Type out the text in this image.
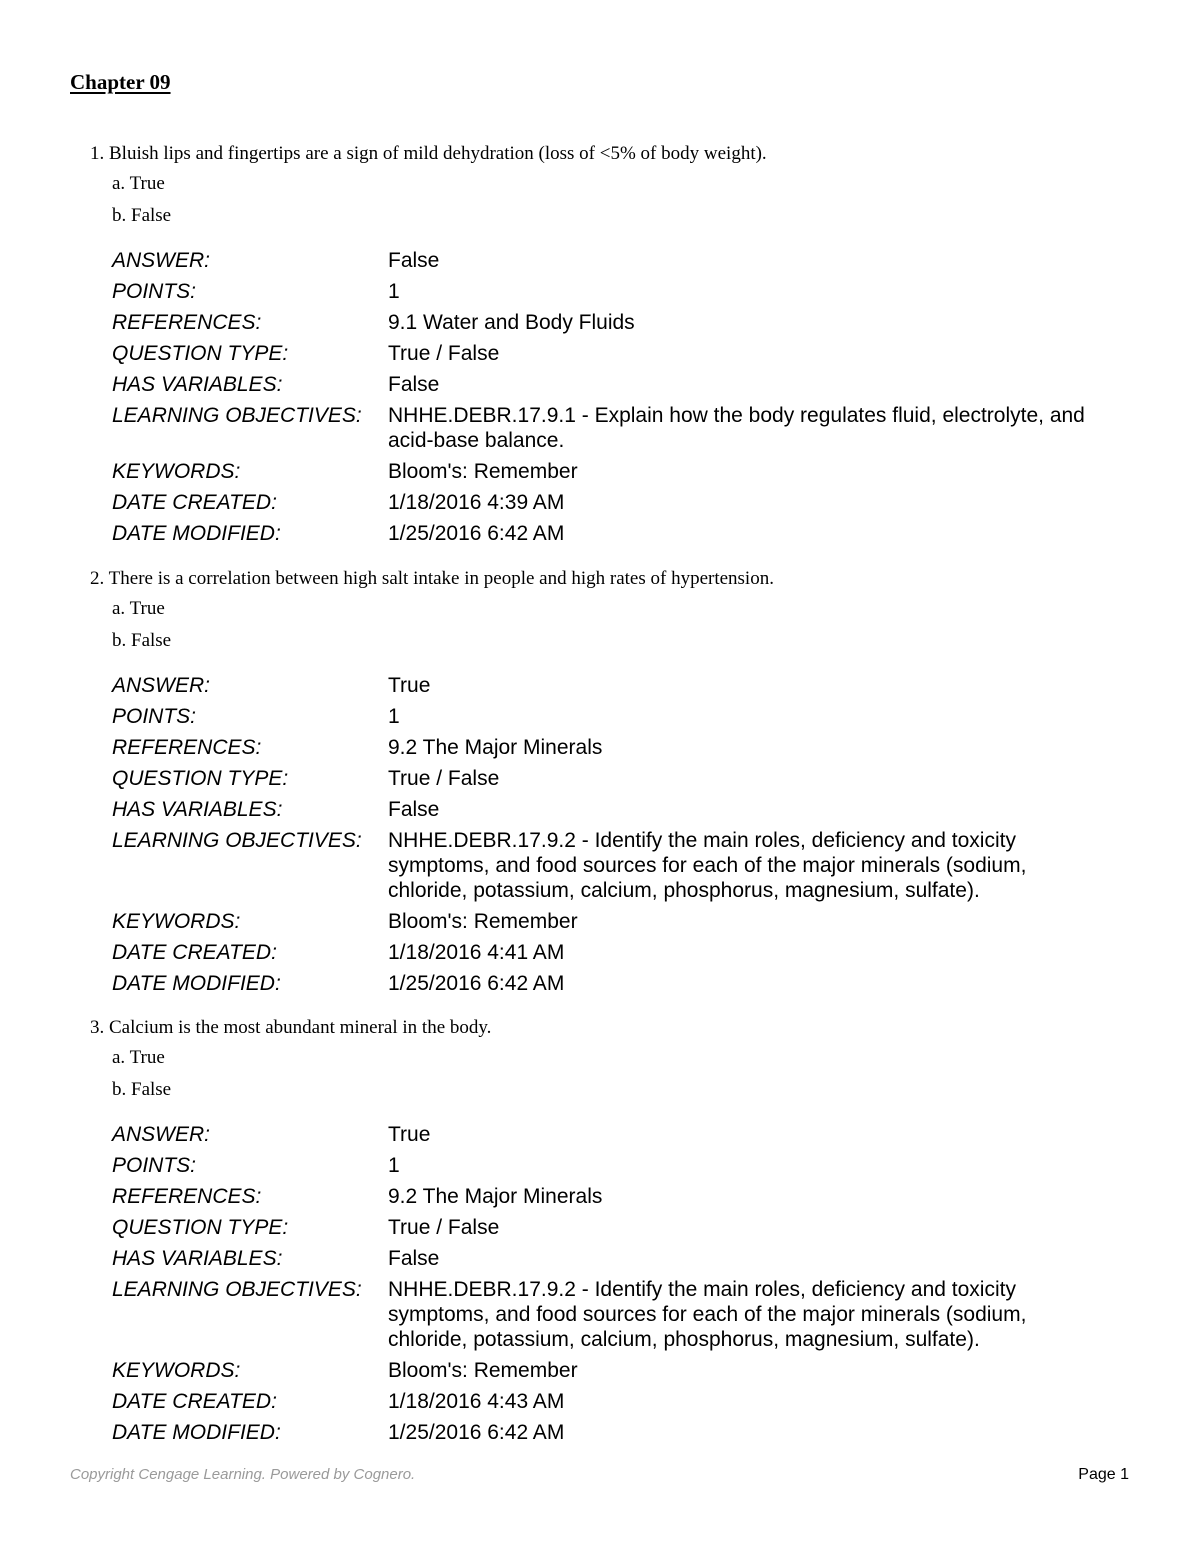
Chapter 09

1. Bluish lips and fingertips are a sign of mild dehydration (loss of <5% of body weight).

a. True
b. False
ANSWER:	False
POINTS:	1
REFERENCES:	9.1 Water and Body Fluids
QUESTION TYPE:	True / False
HAS VARIABLES:	False
LEARNING OBJECTIVES:	NHHE.DEBR.17.9.1 - Explain how the body regulates fluid, electrolyte, and acid-base balance.
KEYWORDS:	Bloom's: Remember
DATE CREATED:	1/18/2016 4:39 AM
DATE MODIFIED:	1/25/2016 6:42 AM

2. There is a correlation between high salt intake in people and high rates of hypertension.

a. True
b. False
ANSWER:	True
POINTS:	1
REFERENCES:	9.2 The Major Minerals
QUESTION TYPE:	True / False
HAS VARIABLES:	False
LEARNING OBJECTIVES:	NHHE.DEBR.17.9.2 - Identify the main roles, deficiency and toxicity symptoms, and food sources for each of the major minerals (sodium, chloride, potassium, calcium, phosphorus, magnesium, sulfate).
KEYWORDS:	Bloom's: Remember
DATE CREATED:	1/18/2016 4:41 AM
DATE MODIFIED:	1/25/2016 6:42 AM

3. Calcium is the most abundant mineral in the body.

a. True
b. False
ANSWER:	True
POINTS:	1
REFERENCES:	9.2 The Major Minerals
QUESTION TYPE:	True / False
HAS VARIABLES:	False
LEARNING OBJECTIVES:	NHHE.DEBR.17.9.2 - Identify the main roles, deficiency and toxicity symptoms, and food sources for each of the major minerals (sodium, chloride, potassium, calcium, phosphorus, magnesium, sulfate).
KEYWORDS:	Bloom's: Remember
DATE CREATED:	1/18/2016 4:43 AM
DATE MODIFIED:	1/25/2016 6:42 AM
Copyright Cengage Learning. Powered by Cognero.	Page 1
